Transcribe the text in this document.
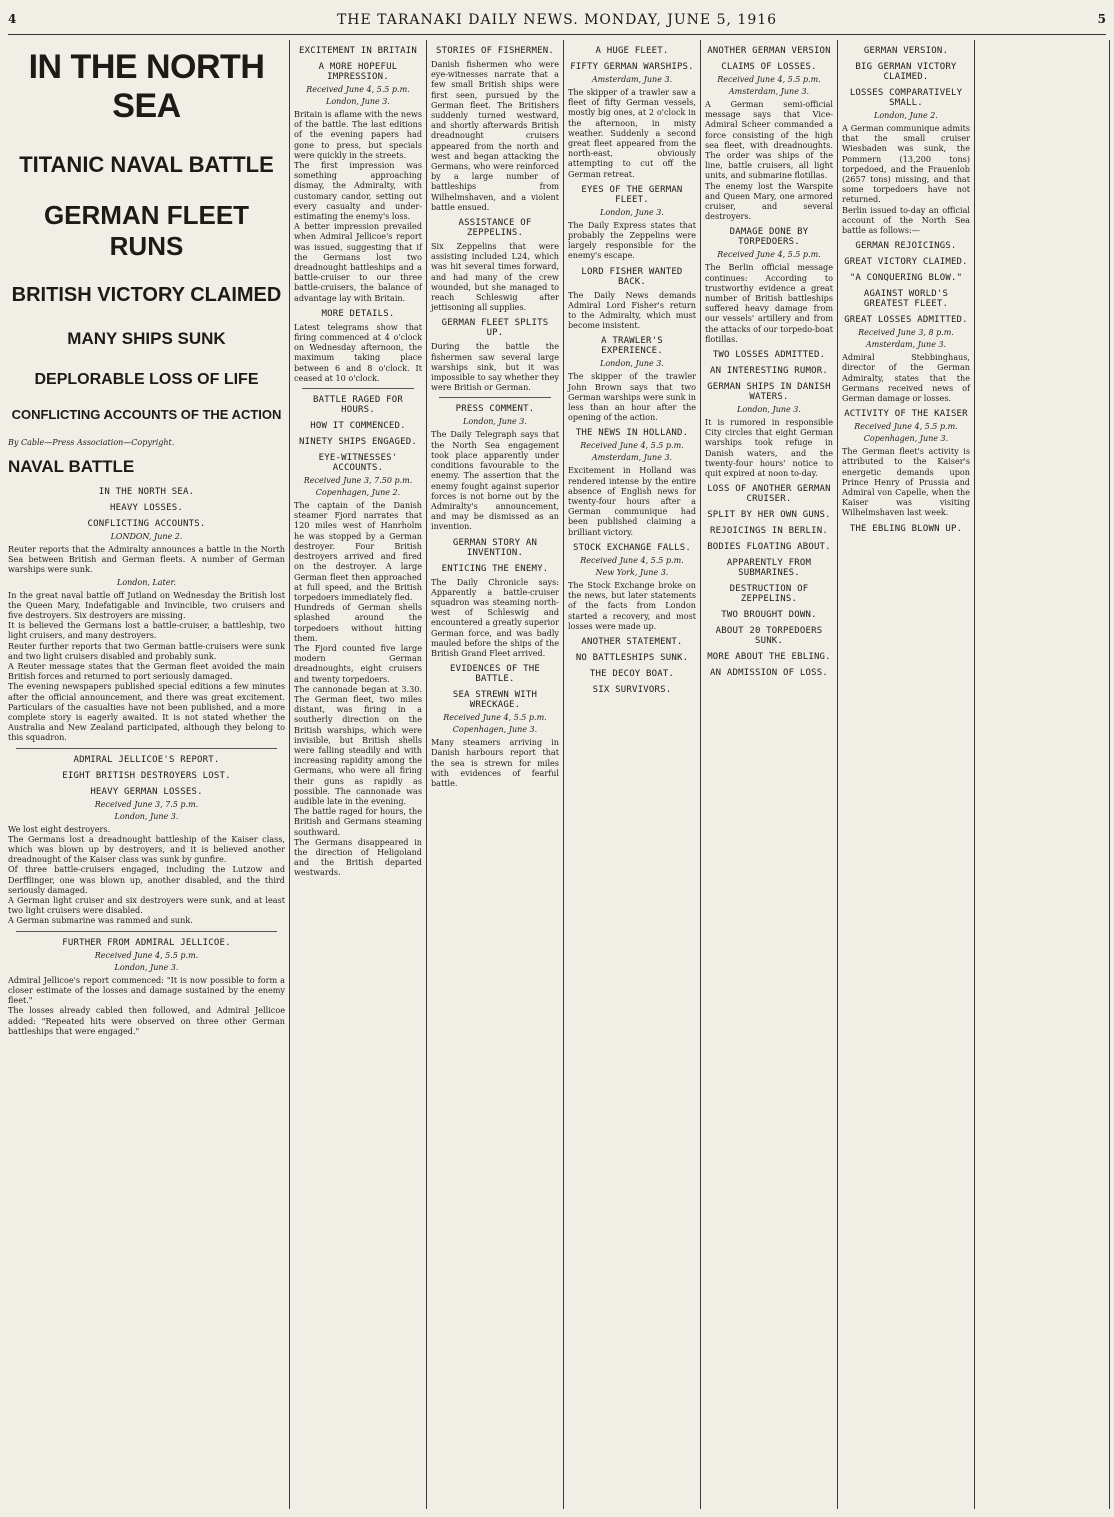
4	THE TARANAKI DAILY NEWS. MONDAY, JUNE 5, 1916	5
IN THE NORTH SEA
TITANIC NAVAL BATTLE
GERMAN FLEET RUNS
BRITISH VICTORY CLAIMED
MANY SHIPS SUNK
DEPLORABLE LOSS OF LIFE
CONFLICTING ACCOUNTS OF THE ACTION
By Cable—Press Association—Copyright.
NAVAL BATTLE
IN THE NORTH SEA.
HEAVY LOSSES.
CONFLICTING ACCOUNTS.
LONDON, June 2.

Reuter reports that the Admiralty announces a battle in the North Sea between British and German fleets. A number of German warships were sunk.

London, Later.

In the great naval battle off Jutland on Wednesday the British lost the Queen Mary, Indefatigable and Invincible, two cruisers and five destroyers. Six destroyers are missing.

It is believed the Germans lost a battle-cruiser, a battleship, two light cruisers, and many destroyers.

Reuter further reports that two German battle-cruisers were sunk and two light cruisers disabled and probably sunk.

A Reuter message states that the German fleet avoided the main British forces and returned to port seriously damaged.

The evening newspapers published special editions a few minutes after the official announcement, and there was great excitement. Particulars of the casualties have not been published, and a more complete story is eagerly awaited. It is not stated whether the Australia and New Zealand participated, although they belong to this squadron.

ADMIRAL JELLICOE'S REPORT.
EIGHT BRITISH DESTROYERS LOST.
HEAVY GERMAN LOSSES.
Received June 3, 7.5 p.m.
London, June 3.

We lost eight destroyers.

The Germans lost a dreadnought battleship of the Kaiser class, which was blown up by destroyers, and it is believed another dreadnought of the Kaiser class was sunk by gunfire.

Of three battle-cruisers engaged, including the Lutzow and Derfflinger, one was blown up, another disabled, and the third seriously damaged.

A German light cruiser and six destroyers were sunk, and at least two light cruisers were disabled.

A German submarine was rammed and sunk.

FURTHER FROM ADMIRAL JELLICOE.
Received June 4, 5.5 p.m.
London, June 3.

Admiral Jellicoe's report commenced: "It is now possible to form a closer estimate of the losses and damage sustained by the enemy fleet."

The losses already cabled then followed, and Admiral Jellicoe added: "Repeated hits were observed on three other German battleships that were engaged."

EXCITEMENT IN BRITAIN
A MORE HOPEFUL IMPRESSION.
Received June 4, 5.5 p.m.
London, June 3.

Britain is aflame with the news of the battle. The last editions of the evening papers had gone to press, but specials were quickly in the streets.

The first impression was something approaching dismay, the Admiralty, with customary candor, setting out every casualty and under-estimating the enemy's loss.

A better impression prevailed when Admiral Jellicoe's report was issued, suggesting that if the Germans lost two dreadnought battleships and a battle-cruiser to our three battle-cruisers, the balance of advantage lay with Britain.

MORE DETAILS.

Latest telegrams show that firing commenced at 4 o'clock on Wednesday afternoon, the maximum taking place between 6 and 8 o'clock. It ceased at 10 o'clock.

BATTLE RAGED FOR HOURS.
HOW IT COMMENCED.
NINETY SHIPS ENGAGED.
EYE-WITNESSES' ACCOUNTS.
Received June 3, 7.50 p.m.
Copenhagen, June 2.

The captain of the Danish steamer Fjord narrates that 120 miles west of Hanrholm he was stopped by a German destroyer. Four British destroyers arrived and fired on the destroyer. A large German fleet then approached at full speed, and the British torpedoers immediately fled.

Hundreds of German shells splashed around the torpedoers without hitting them.

The Fjord counted five large modern German dreadnoughts, eight cruisers and twenty torpedoers.

The cannonade began at 3.30. The German fleet, two miles distant, was firing in a southerly direction on the British warships, which were invisible, but British shells were falling steadily and with increasing rapidity among the Germans, who were all firing their guns as rapidly as possible. The cannonade was audible late in the evening.

The battle raged for hours, the British and Germans steaming southward.

The Germans disappeared in the direction of Heligoland and the British departed westwards.

STORIES OF FISHERMEN.

Danish fishermen who were eye-witnesses narrate that a few small British ships were first seen, pursued by the German fleet. The Britishers suddenly turned westward, and shortly afterwards British dreadnought cruisers appeared from the north and west and began attacking the Germans, who were reinforced by a large number of battleships from Wilhelmshaven, and a violent battle ensued.

ASSISTANCE OF ZEPPELINS.

Six Zeppelins that were assisting included L24, which was hit several times forward, and had many of the crew wounded, but she managed to reach Schleswig after jettisoning all supplies.

GERMAN FLEET SPLITS UP.

During the battle the fishermen saw several large warships sink, but it was impossible to say whether they were British or German.

PRESS COMMENT.
London, June 3.

The Daily Telegraph says that the North Sea engagement took place apparently under conditions favourable to the enemy. The assertion that the enemy fought against superior forces is not borne out by the Admiralty's announcement, and may be dismissed as an invention.

GERMAN STORY AN INVENTION.
ENTICING THE ENEMY.

The Daily Chronicle says: Apparently a battle-cruiser squadron was steaming north-west of Schleswig and encountered a greatly superior German force, and was badly mauled before the ships of the British Grand Fleet arrived.

EVIDENCES OF THE BATTLE.
SEA STREWN WITH WRECKAGE.
Received June 4, 5.5 p.m.
Copenhagen, June 3.

Many steamers arriving in Danish harbours report that the sea is strewn for miles with evidences of fearful battle.

A HUGE FLEET.
FIFTY GERMAN WARSHIPS.
Amsterdam, June 3.

The skipper of a trawler saw a fleet of fifty German vessels, mostly big ones, at 2 o'clock in the afternoon, in misty weather. Suddenly a second great fleet appeared from the north-east, obviously attempting to cut off the German retreat.

EYES OF THE GERMAN FLEET.
London, June 3.

The Daily Express states that probably the Zeppelins were largely responsible for the enemy's escape.

LORD FISHER WANTED BACK.

The Daily News demands Admiral Lord Fisher's return to the Admiralty, which must become insistent.

A TRAWLER'S EXPERIENCE.
London, June 3.

The skipper of the trawler John Brown says that two German warships were sunk in less than an hour after the opening of the action.

THE NEWS IN HOLLAND.
Received June 4, 5.5 p.m.
Amsterdam, June 3.

Excitement in Holland was rendered intense by the entire absence of English news for twenty-four hours after a German communique had been published claiming a brilliant victory.

STOCK EXCHANGE FALLS.
Received June 4, 5.5 p.m.
New York, June 3.

The Stock Exchange broke on the news, but later statements of the facts from London started a recovery, and most losses were made up.

ANOTHER STATEMENT.
NO BATTLESHIPS SUNK.
THE DECOY BOAT.
SIX SURVIVORS.
ANOTHER GERMAN VERSION
CLAIMS OF LOSSES.
Received June 4, 5.5 p.m.
Amsterdam, June 3.

A German semi-official message says that Vice-Admiral Scheer commanded a force consisting of the high sea fleet, with dreadnoughts. The order was ships of the line, battle cruisers, all light units, and submarine flotillas.

The enemy lost the Warspite and Queen Mary, one armored cruiser, and several destroyers.

DAMAGE DONE BY TORPEDOERS.
Received June 4, 5.5 p.m.

The Berlin official message continues: According to trustworthy evidence a great number of British battleships suffered heavy damage from our vessels' artillery and from the attacks of our torpedo-boat flotillas.

TWO LOSSES ADMITTED.
AN INTERESTING RUMOR.
GERMAN SHIPS IN DANISH WATERS.
London, June 3.

It is rumored in responsible City circles that eight German warships took refuge in Danish waters, and the twenty-four hours' notice to quit expired at noon to-day.

LOSS OF ANOTHER GERMAN CRUISER.
SPLIT BY HER OWN GUNS.
REJOICINGS IN BERLIN.
BODIES FLOATING ABOUT.
APPARENTLY FROM SUBMARINES.
DESTRUCTION OF ZEPPELINS.
TWO BROUGHT DOWN.
ABOUT 20 TORPEDOERS SUNK.
MORE ABOUT THE EBLING.
AN ADMISSION OF LOSS.
GERMAN VERSION.
BIG GERMAN VICTORY CLAIMED.
LOSSES COMPARATIVELY SMALL.
London, June 2.

A German communique admits that the small cruiser Wiesbaden was sunk, the Pommern (13,200 tons) torpedoed, and the Frauenlob (2657 tons) missing, and that some torpedoers have not returned.

Berlin issued to-day an official account of the North Sea battle as follows:—

GERMAN REJOICINGS.
GREAT VICTORY CLAIMED.
"A CONQUERING BLOW."
AGAINST WORLD'S GREATEST FLEET.
GREAT LOSSES ADMITTED.
Received June 3, 8 p.m.
Amsterdam, June 3.

Admiral Stebbinghaus, director of the German Admiralty, states that the Germans received news of German damage or losses.

ACTIVITY OF THE KAISER
Received June 4, 5.5 p.m.
Copenhagen, June 3.

The German fleet's activity is attributed to the Kaiser's energetic demands upon Prince Henry of Prussia and Admiral von Capelle, when the Kaiser was visiting Wilhelmshaven last week.

THE EBLING BLOWN UP.
